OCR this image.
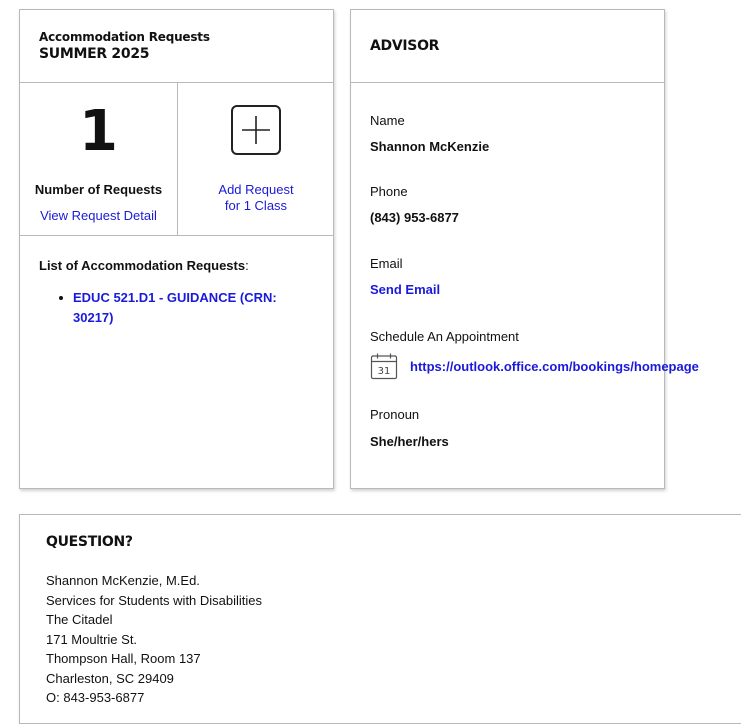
Accommodation Requests
SUMMER 2025
1
Number of Requests
View Request Detail
Add Request
for 1 Class
List of Accommodation Requests:
EDUC 521.D1 - GUIDANCE (CRN:
30217)
ADVISOR
Name
Shannon McKenzie
Phone
(843) 953-6877
Email
Send Email
Schedule An Appointment
31 https://outlook.office.com/bookings/homepage
Pronoun
She/her/hers
QUESTION?
Shannon McKenzie, M.Ed.
Services for Students with Disabilities
The Citadel
171 Moultrie St.
Thompson Hall, Room 137
Charleston, SC 29409
O: 843-953-6877
